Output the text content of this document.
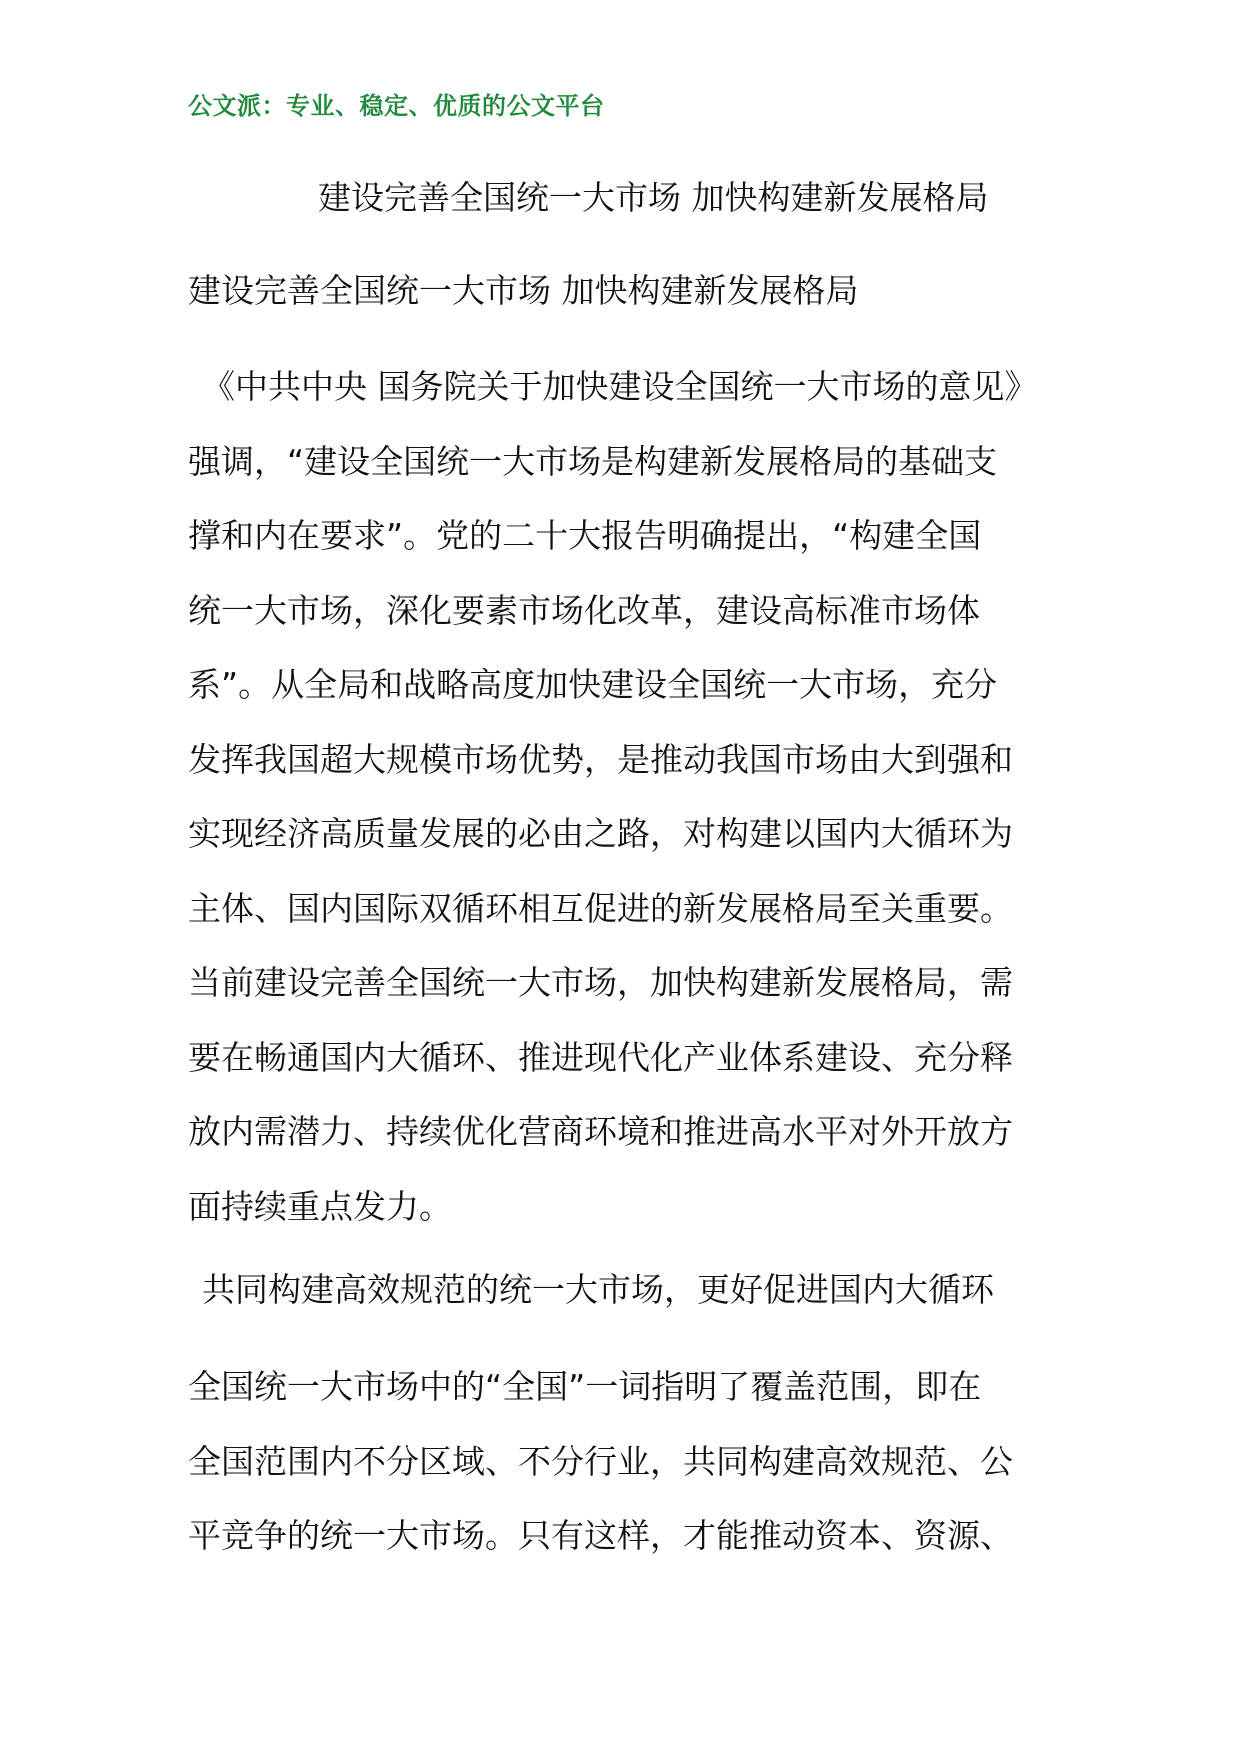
公文派：专业、稳定、优质的公文平台
建设完善全国统一大市场 加快构建新发展格局
建设完善全国统一大市场 加快构建新发展格局
《中共中央 国务院关于加快建设全国统一大市场的意见》
强调，“建设全国统一大市场是构建新发展格局的基础支
撑和内在要求”。党的二十大报告明确提出，“构建全国
统一大市场，深化要素市场化改革，建设高标准市场体
系”。从全局和战略高度加快建设全国统一大市场，充分
发挥我国超大规模市场优势，是推动我国市场由大到强和
实现经济高质量发展的必由之路，对构建以国内大循环为
主体、国内国际双循环相互促进的新发展格局至关重要。
当前建设完善全国统一大市场，加快构建新发展格局，需
要在畅通国内大循环、推进现代化产业体系建设、充分释
放内需潜力、持续优化营商环境和推进高水平对外开放方
面持续重点发力。
共同构建高效规范的统一大市场，更好促进国内大循环
全国统一大市场中的“全国”一词指明了覆盖范围，即在
全国范围内不分区域、不分行业，共同构建高效规范、公
平竞争的统一大市场。只有这样，才能推动资本、资源、
